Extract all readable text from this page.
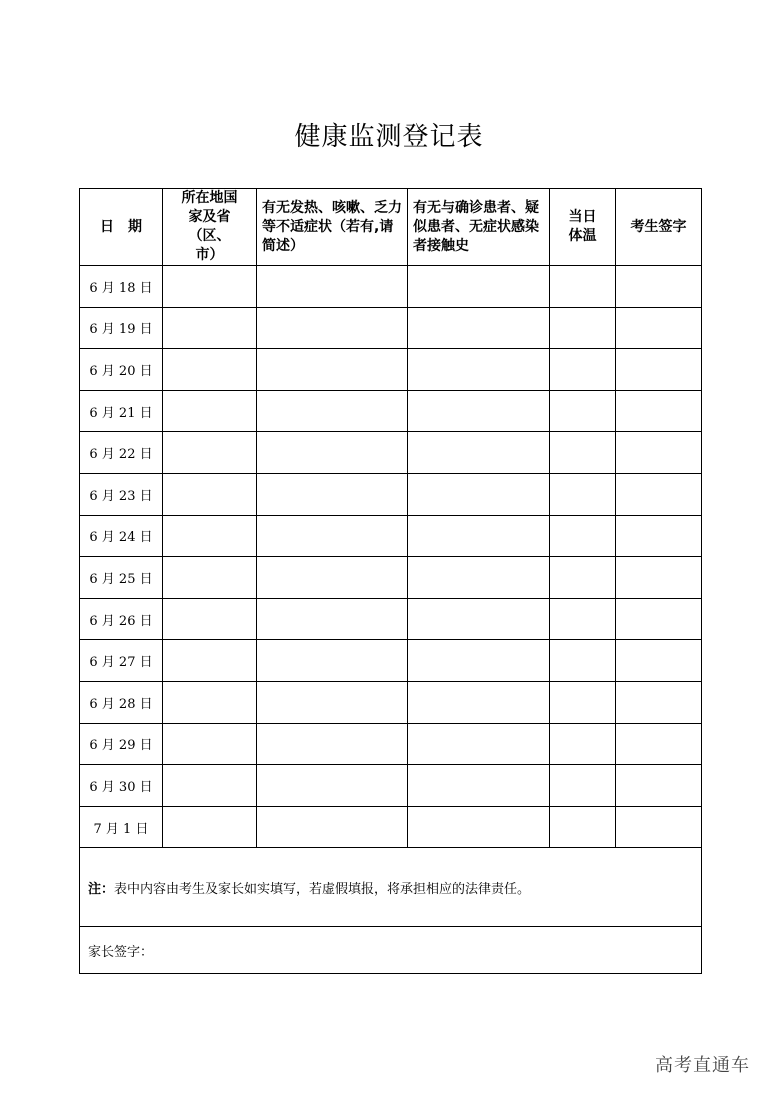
健康监测登记表
日　期	所在地国家及省（区、市）	有无发热、咳嗽、乏力等不适症状（若有,请简述）	有无与确诊患者、疑似患者、无症状感染者接触史	当日体温	考生签字
6 月 18 日					
6 月 19 日					
6 月 20 日					
6 月 21 日					
6 月 22 日					
6 月 23 日					
6 月 24 日					
6 月 25 日					
6 月 26 日					
6 月 27 日					
6 月 28 日					
6 月 29 日					
6 月 30 日					
7 月 1 日					
注：表中内容由考生及家长如实填写，若虚假填报，将承担相应的法律责任。					
家长签字：					
高考直通车
